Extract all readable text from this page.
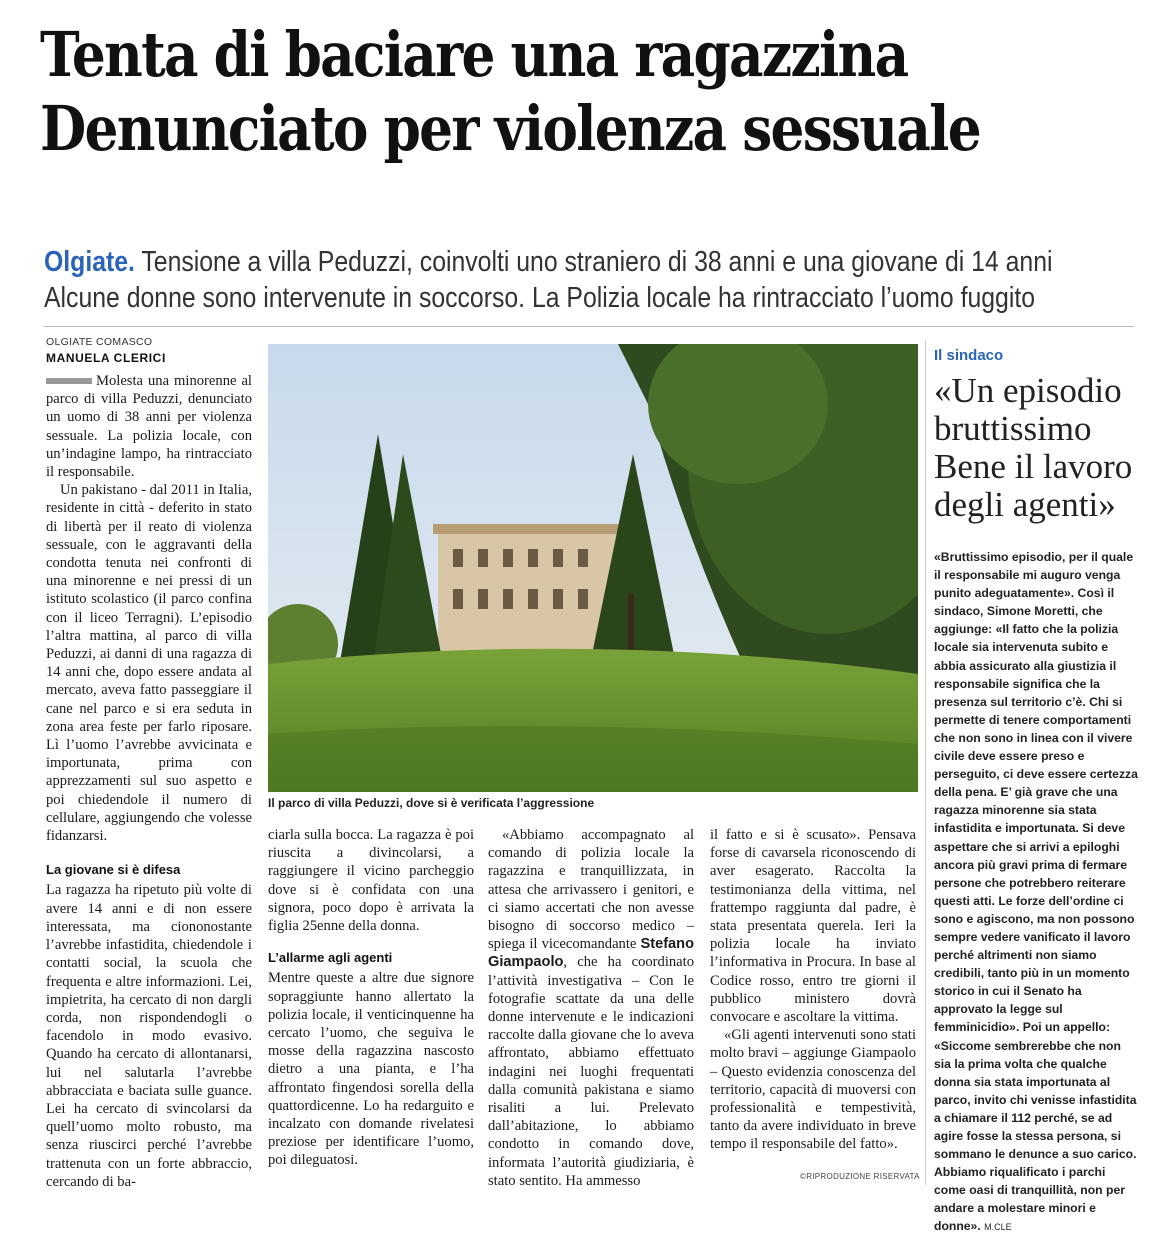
Tenta di baciare una ragazzina
Denunciato per violenza sessuale
Olgiate. Tensione a villa Peduzzi, coinvolti uno straniero di 38 anni e una giovane di 14 anni
Alcune donne sono intervenute in soccorso. La Polizia locale ha rintracciato l’uomo fuggito
OLGIATE COMASCO
MANUELA CLERICI

Molesta una minorenne al parco di villa Peduzzi, denunciato un uomo di 38 anni per violenza sessuale. La polizia locale, con un’indagine lampo, ha rintracciato il responsabile.

Un pakistano - dal 2011 in Italia, residente in città - deferito in stato di libertà per il reato di violenza sessuale, con le aggravanti della condotta tenuta nei confronti di una minorenne e nei pressi di un istituto scolastico (il parco confina con il liceo Terragni). L’episodio l’altra mattina, al parco di villa Peduzzi, ai danni di una ragazza di 14 anni che, dopo essere andata al mercato, aveva fatto passeggiare il cane nel parco e si era seduta in zona area feste per farlo riposare. Lì l’uomo l’avrebbe avvicinata e importunata, prima con apprezzamenti sul suo aspetto e poi chiedendole il numero di cellulare, aggiungendo che volesse fidanzarsi.

La giovane si è difesa

La ragazza ha ripetuto più volte di avere 14 anni e di non essere interessata, ma ciononostante l’avrebbe infastidita, chiedendole i contatti social, la scuola che frequenta e altre informazioni. Lei, impietrita, ha cercato di non dargli corda, non rispondendogli o facendolo in modo evasivo. Quando ha cercato di allontanarsi, lui nel salutarla l’avrebbe abbracciata e baciata sulle guance. Lei ha cercato di svincolarsi da quell’uomo molto robusto, ma senza riuscirci perché l’avrebbe trattenuta con un forte abbraccio, cercando di ba-

Il parco di villa Peduzzi, dove si è verificata l’aggressione

ciarla sulla bocca. La ragazza è poi riuscita a divincolarsi, a raggiungere il vicino parcheggio dove si è confidata con una signora, poco dopo è arrivata la figlia 25enne della donna.

L’allarme agli agenti

Mentre queste a altre due signore sopraggiunte hanno allertato la polizia locale, il venticinquenne ha cercato l’uomo, che seguiva le mosse della ragazzina nascosto dietro a una pianta, e l’ha affrontato fingendosi sorella della quattordicenne. Lo ha redarguito e incalzato con domande rivelatesi preziose per identificare l’uomo, poi dileguatosi.

«Abbiamo accompagnato al comando di polizia locale la ragazzina e tranquillizzata, in attesa che arrivassero i genitori, e ci siamo accertati che non avesse bisogno di soccorso medico – spiega il vicecomandante Stefano Giampaolo, che ha coordinato l’attività investigativa – Con le fotografie scattate da una delle donne intervenute e le indicazioni raccolte dalla giovane che lo aveva affrontato, abbiamo effettuato indagini nei luoghi frequentati dalla comunità pakistana e siamo risaliti a lui. Prelevato dall’abitazione, lo abbiamo condotto in comando dove, informata l’autorità giudiziaria, è stato sentito. Ha ammesso

il fatto e si è scusato». Pensava forse di cavarsela riconoscendo di aver esagerato. Raccolta la testimonianza della vittima, nel frattempo raggiunta dal padre, è stata presentata querela. Ieri la polizia locale ha inviato l’informativa in Procura. In base al Codice rosso, entro tre giorni il pubblico ministero dovrà convocare e ascoltare la vittima.

«Gli agenti intervenuti sono stati molto bravi – aggiunge Giampaolo – Questo evidenzia conoscenza del territorio, capacità di muoversi con professionalità e tempestività, tanto da avere individuato in breve tempo il responsabile del fatto».

©RIPRODUZIONE RISERVATA
Il sindaco
«Un episodio bruttissimo Bene il lavoro degli agenti»
«Bruttissimo episodio, per il quale il responsabile mi auguro venga punito adeguatamente». Così il sindaco, Simone Moretti, che aggiunge: «Il fatto che la polizia locale sia intervenuta subito e abbia assicurato alla giustizia il responsabile significa che la presenza sul territorio c’è. Chi si permette di tenere comportamenti che non sono in linea con il vivere civile deve essere preso e perseguito, ci deve essere certezza della pena. E’ già grave che una ragazza minorenne sia stata infastidita e importunata. Si deve aspettare che si arrivi a epiloghi ancora più gravi prima di fermare persone che potrebbero reiterare questi atti. Le forze dell’ordine ci sono e agiscono, ma non possono sempre vedere vanificato il lavoro perché altrimenti non siamo credibili, tanto più in un momento storico in cui il Senato ha approvato la legge sul femminicidio». Poi un appello: «Siccome sembrerebbe che non sia la prima volta che qualche donna sia stata importunata al parco, invito chi venisse infastidita a chiamare il 112 perché, se ad agire fosse la stessa persona, si sommano le denunce a suo carico. Abbiamo riqualificato i parchi come oasi di tranquillità, non per andare a molestare minori e donne». M.CLE
